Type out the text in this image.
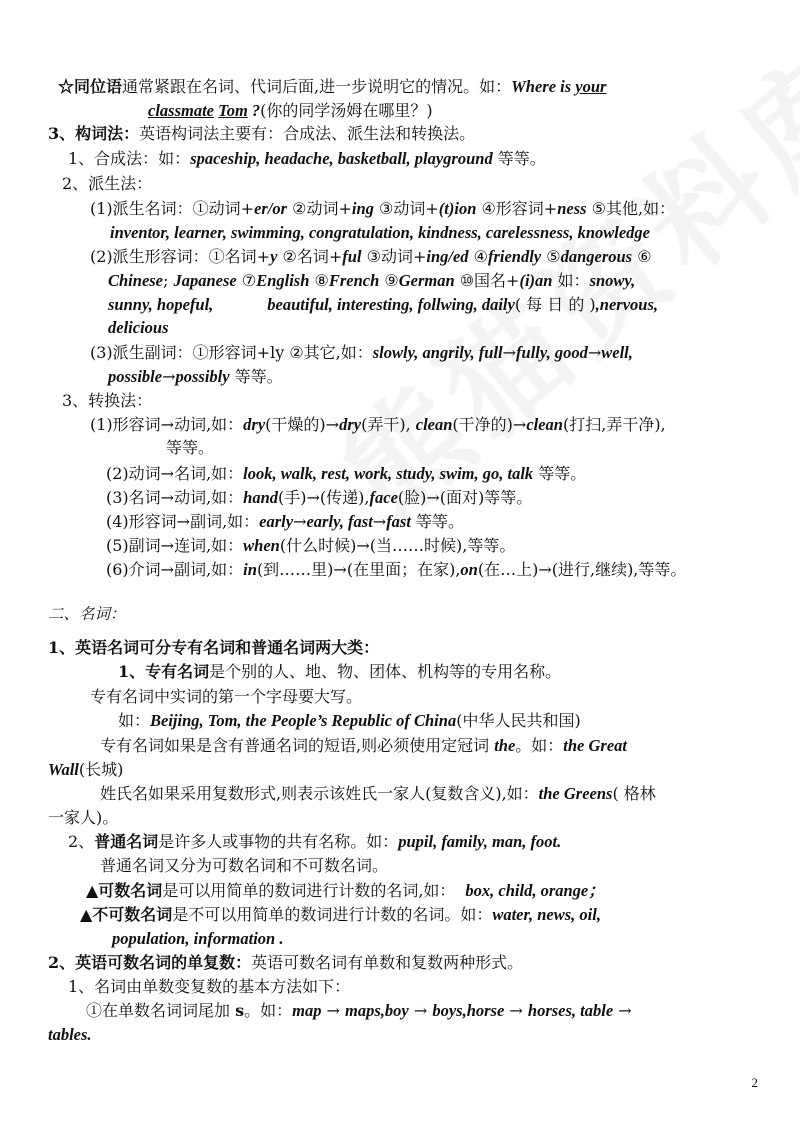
☆同位语通常紧跟在名词、代词后面,进一步说明它的情况。如：Where is your
classmate Tom ?(你的同学汤姆在哪里？)
3、构词法：英语构词法主要有：合成法、派生法和转换法。
1、合成法：如：spaceship, headache, basketball, playground 等等。
2、派生法：
(1)派生名词：①动词+er/or ②动词+ing ③动词+(t)ion ④形容词+ness ⑤其他,如：
inventor, learner, swimming, congratulation, kindness, carelessness, knowledge
(2)派生形容词：①名词+y ②名词+ful ③动词+ing/ed ④friendly ⑤dangerous ⑥
Chinese; Japanese ⑦English ⑧French ⑨German ⑩国名+(i)an 如：snowy,
sunny, hopeful,	beautiful, interesting, follwing, daily( 每 日 的 ),nervous,
delicious
(3)派生副词：①形容词+ly ②其它,如：slowly, angrily, full→fully, good→well,
possible→possibly 等等。
3、转换法：
(1)形容词→动词,如：dry(干燥的)→dry(弄干), clean(干净的)→clean(打扫,弄干净),
等等。
(2)动词→名词,如：look, walk, rest, work, study, swim, go, talk 等等。
(3)名词→动词,如：hand(手)→(传递),face(脸)→(面对)等等。
(4)形容词→副词,如：early→early, fast→fast 等等。
(5)副词→连词,如：when(什么时候)→(当……时候),等等。
(6)介词→副词,如：in(到……里)→(在里面；在家),on(在…上)→(进行,继续),等等。
二、名词：
1、英语名词可分专有名词和普通名词两大类：
1、专有名词是个别的人、地、物、团体、机构等的专用名称。
专有名词中实词的第一个字母要大写。
如：Beijing, Tom, the People’s Republic of China(中华人民共和国)
专有名词如果是含有普通名词的短语,则必须使用定冠词 the。如：the Great
Wall(长城)
姓氏名如果采用复数形式,则表示该姓氏一家人(复数含义),如：the Greens( 格林
一家人)。
2、普通名词是许多人或事物的共有名称。如：pupil, family, man, foot.
普通名词又分为可数名词和不可数名词。
▲可数名词是可以用简单的数词进行计数的名词,如： box, child, orange；
▲不可数名词是不可以用简单的数词进行计数的名词。如：water, news, oil,
population, information .
2、英语可数名词的单复数：英语可数名词有单数和复数两种形式。
1、名词由单数变复数的基本方法如下：
①在单数名词词尾加 s。如：map → maps,boy → boys,horse → horses, table →
tables.
2
